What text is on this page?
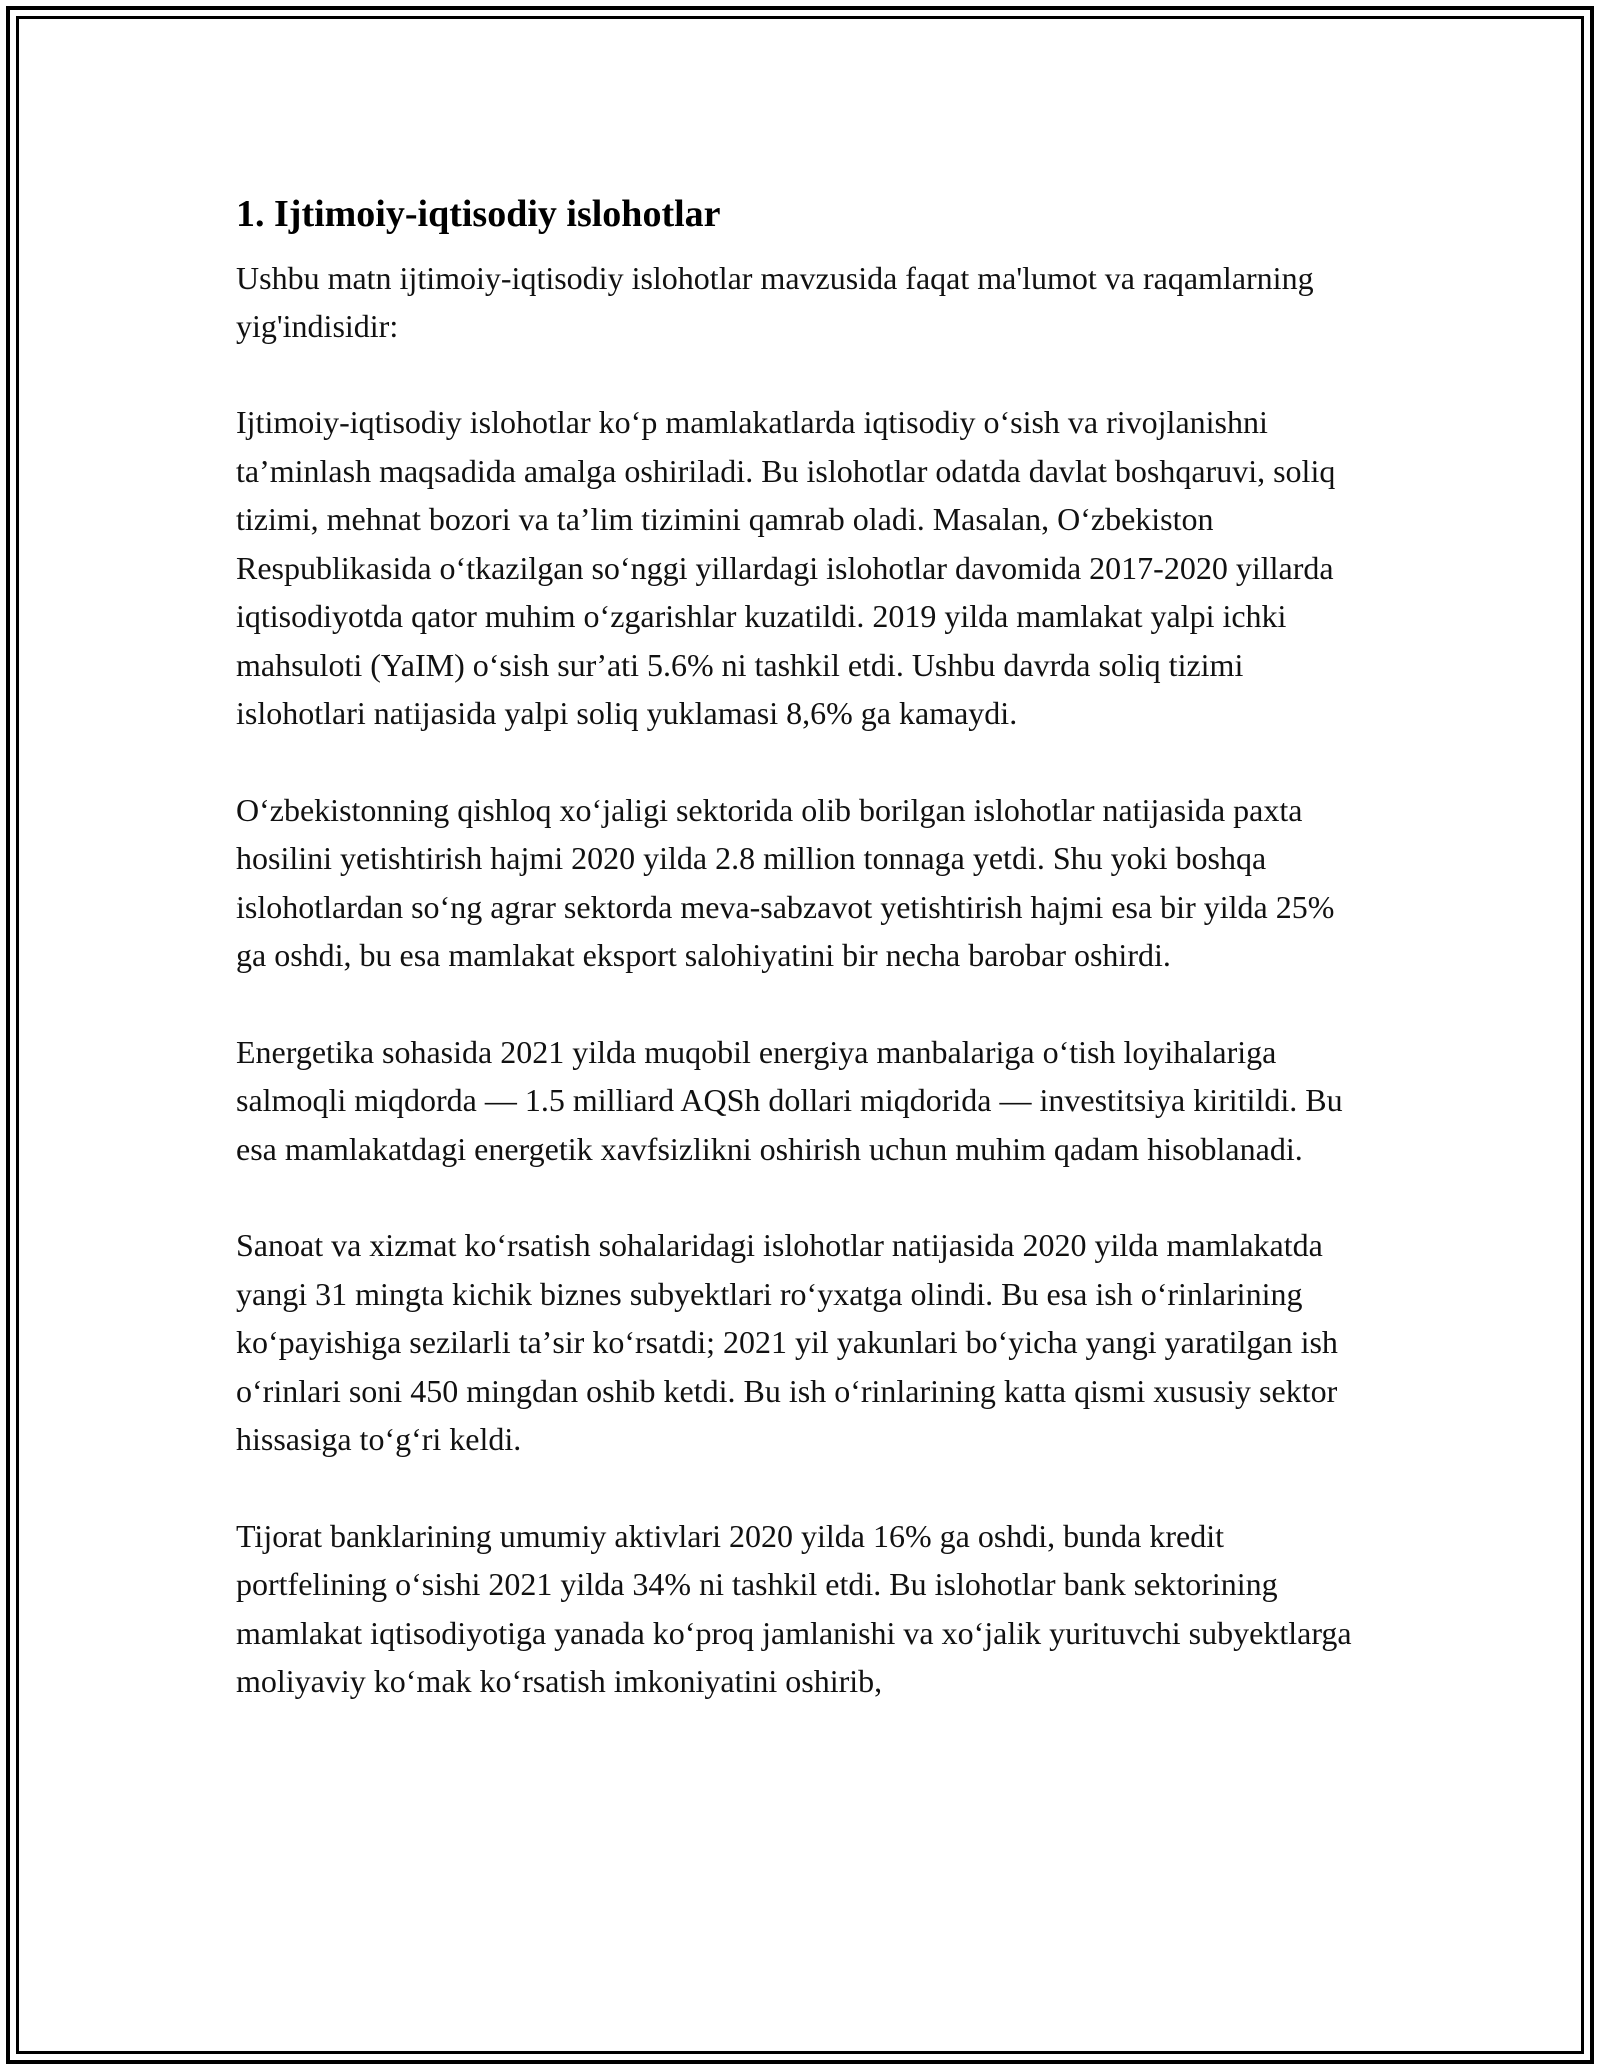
1. Ijtimoiy-iqtisodiy islohotlar

Ushbu matn ijtimoiy-iqtisodiy islohotlar mavzusida faqat ma'lumot va raqamlarning yig'indisidir:

Ijtimoiy-iqtisodiy islohotlar koʻp mamlakatlarda iqtisodiy oʻsish va rivojlanishni taʼminlash maqsadida amalga oshiriladi. Bu islohotlar odatda davlat boshqaruvi, soliq tizimi, mehnat bozori va taʼlim tizimini qamrab oladi. Masalan, Oʻzbekiston Respublikasida oʻtkazilgan soʻnggi yillardagi islohotlar davomida 2017-2020 yillarda iqtisodiyotda qator muhim oʻzgarishlar kuzatildi. 2019 yilda mamlakat yalpi ichki mahsuloti (YaIM) oʻsish surʼati 5.6% ni tashkil etdi. Ushbu davrda soliq tizimi islohotlari natijasida yalpi soliq yuklamasi 8,6% ga kamaydi.

Oʻzbekistonning qishloq xoʻjaligi sektorida olib borilgan islohotlar natijasida paxta hosilini yetishtirish hajmi 2020 yilda 2.8 million tonnaga yetdi. Shu yoki boshqa islohotlardan soʻng agrar sektorda meva-sabzavot yetishtirish hajmi esa bir yilda 25% ga oshdi, bu esa mamlakat eksport salohiyatini bir necha barobar oshirdi.

Energetika sohasida 2021 yilda muqobil energiya manbalariga oʻtish loyihalariga salmoqli miqdorda — 1.5 milliard AQSh dollari miqdorida — investitsiya kiritildi. Bu esa mamlakatdagi energetik xavfsizlikni oshirish uchun muhim qadam hisoblanadi.

Sanoat va xizmat koʻrsatish sohalaridagi islohotlar natijasida 2020 yilda mamlakatda yangi 31 mingta kichik biznes subyektlari roʻyxatga olindi. Bu esa ish oʻrinlarining koʻpayishiga sezilarli taʼsir koʻrsatdi; 2021 yil yakunlari boʻyicha yangi yaratilgan ish oʻrinlari soni 450 mingdan oshib ketdi. Bu ish oʻrinlarining katta qismi xususiy sektor hissasiga toʻgʻri keldi.

Tijorat banklarining umumiy aktivlari 2020 yilda 16% ga oshdi, bunda kredit portfelining oʻsishi 2021 yilda 34% ni tashkil etdi. Bu islohotlar bank sektorining mamlakat iqtisodiyotiga yanada koʻproq jamlanishi va xoʻjalik yurituvchi subyektlarga moliyaviy koʻmak koʻrsatish imkoniyatini oshirib,
